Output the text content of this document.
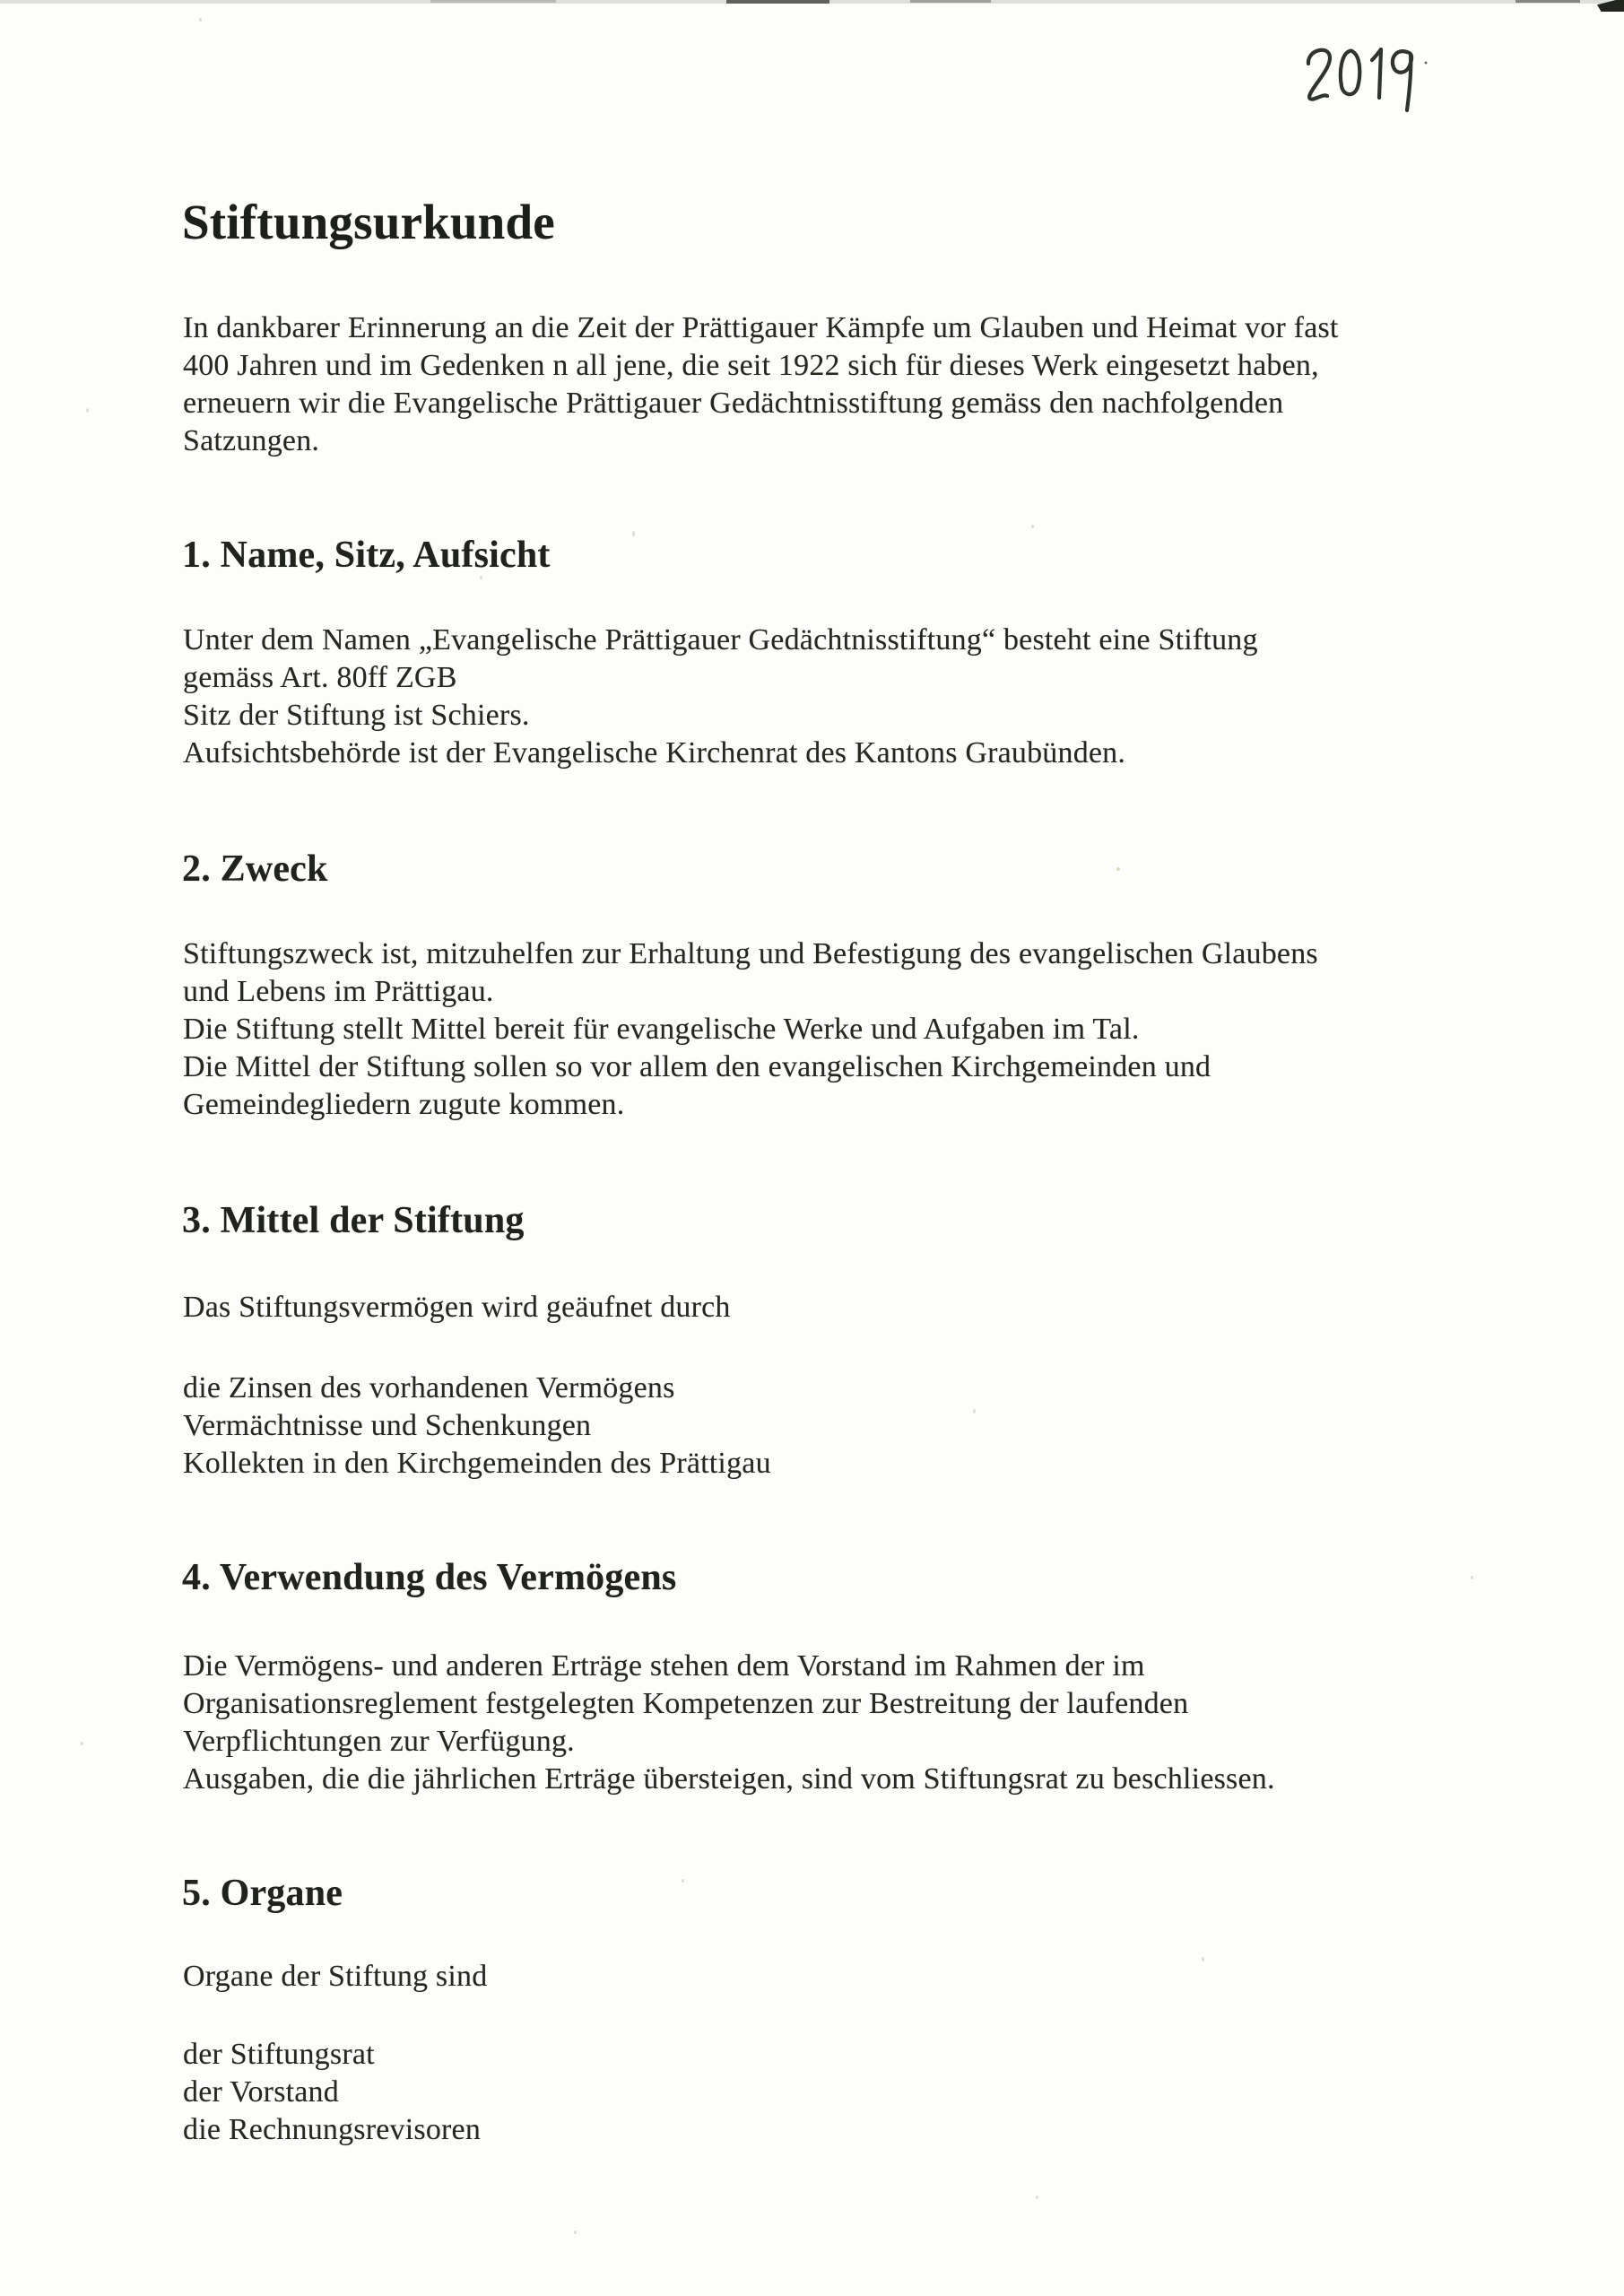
Stiftungsurkunde
In dankbarer Erinnerung an die Zeit der Prättigauer Kämpfe um Glauben und Heimat vor fast
400 Jahren und im Gedenken n all jene, die seit 1922 sich für dieses Werk eingesetzt haben,
erneuern wir die Evangelische Prättigauer Gedächtnisstiftung gemäss den nachfolgenden
Satzungen.
1. Name, Sitz, Aufsicht
Unter dem Namen „Evangelische Prättigauer Gedächtnisstiftung“ besteht eine Stiftung
gemäss Art. 80ff ZGB
Sitz der Stiftung ist Schiers.
Aufsichtsbehörde ist der Evangelische Kirchenrat des Kantons Graubünden.
2. Zweck
Stiftungszweck ist, mitzuhelfen zur Erhaltung und Befestigung des evangelischen Glaubens
und Lebens im Prättigau.
Die Stiftung stellt Mittel bereit für evangelische Werke und Aufgaben im Tal.
Die Mittel der Stiftung sollen so vor allem den evangelischen Kirchgemeinden und
Gemeindegliedern zugute kommen.
3. Mittel der Stiftung
Das Stiftungsvermögen wird geäufnet durch
die Zinsen des vorhandenen Vermögens
Vermächtnisse und Schenkungen
Kollekten in den Kirchgemeinden des Prättigau
4. Verwendung des Vermögens
Die Vermögens- und anderen Erträge stehen dem Vorstand im Rahmen der im
Organisationsreglement festgelegten Kompetenzen zur Bestreitung der laufenden
Verpflichtungen zur Verfügung.
Ausgaben, die die jährlichen Erträge übersteigen, sind vom Stiftungsrat zu beschliessen.
5. Organe
Organe der Stiftung sind
der Stiftungsrat
der Vorstand
die Rechnungsrevisoren
